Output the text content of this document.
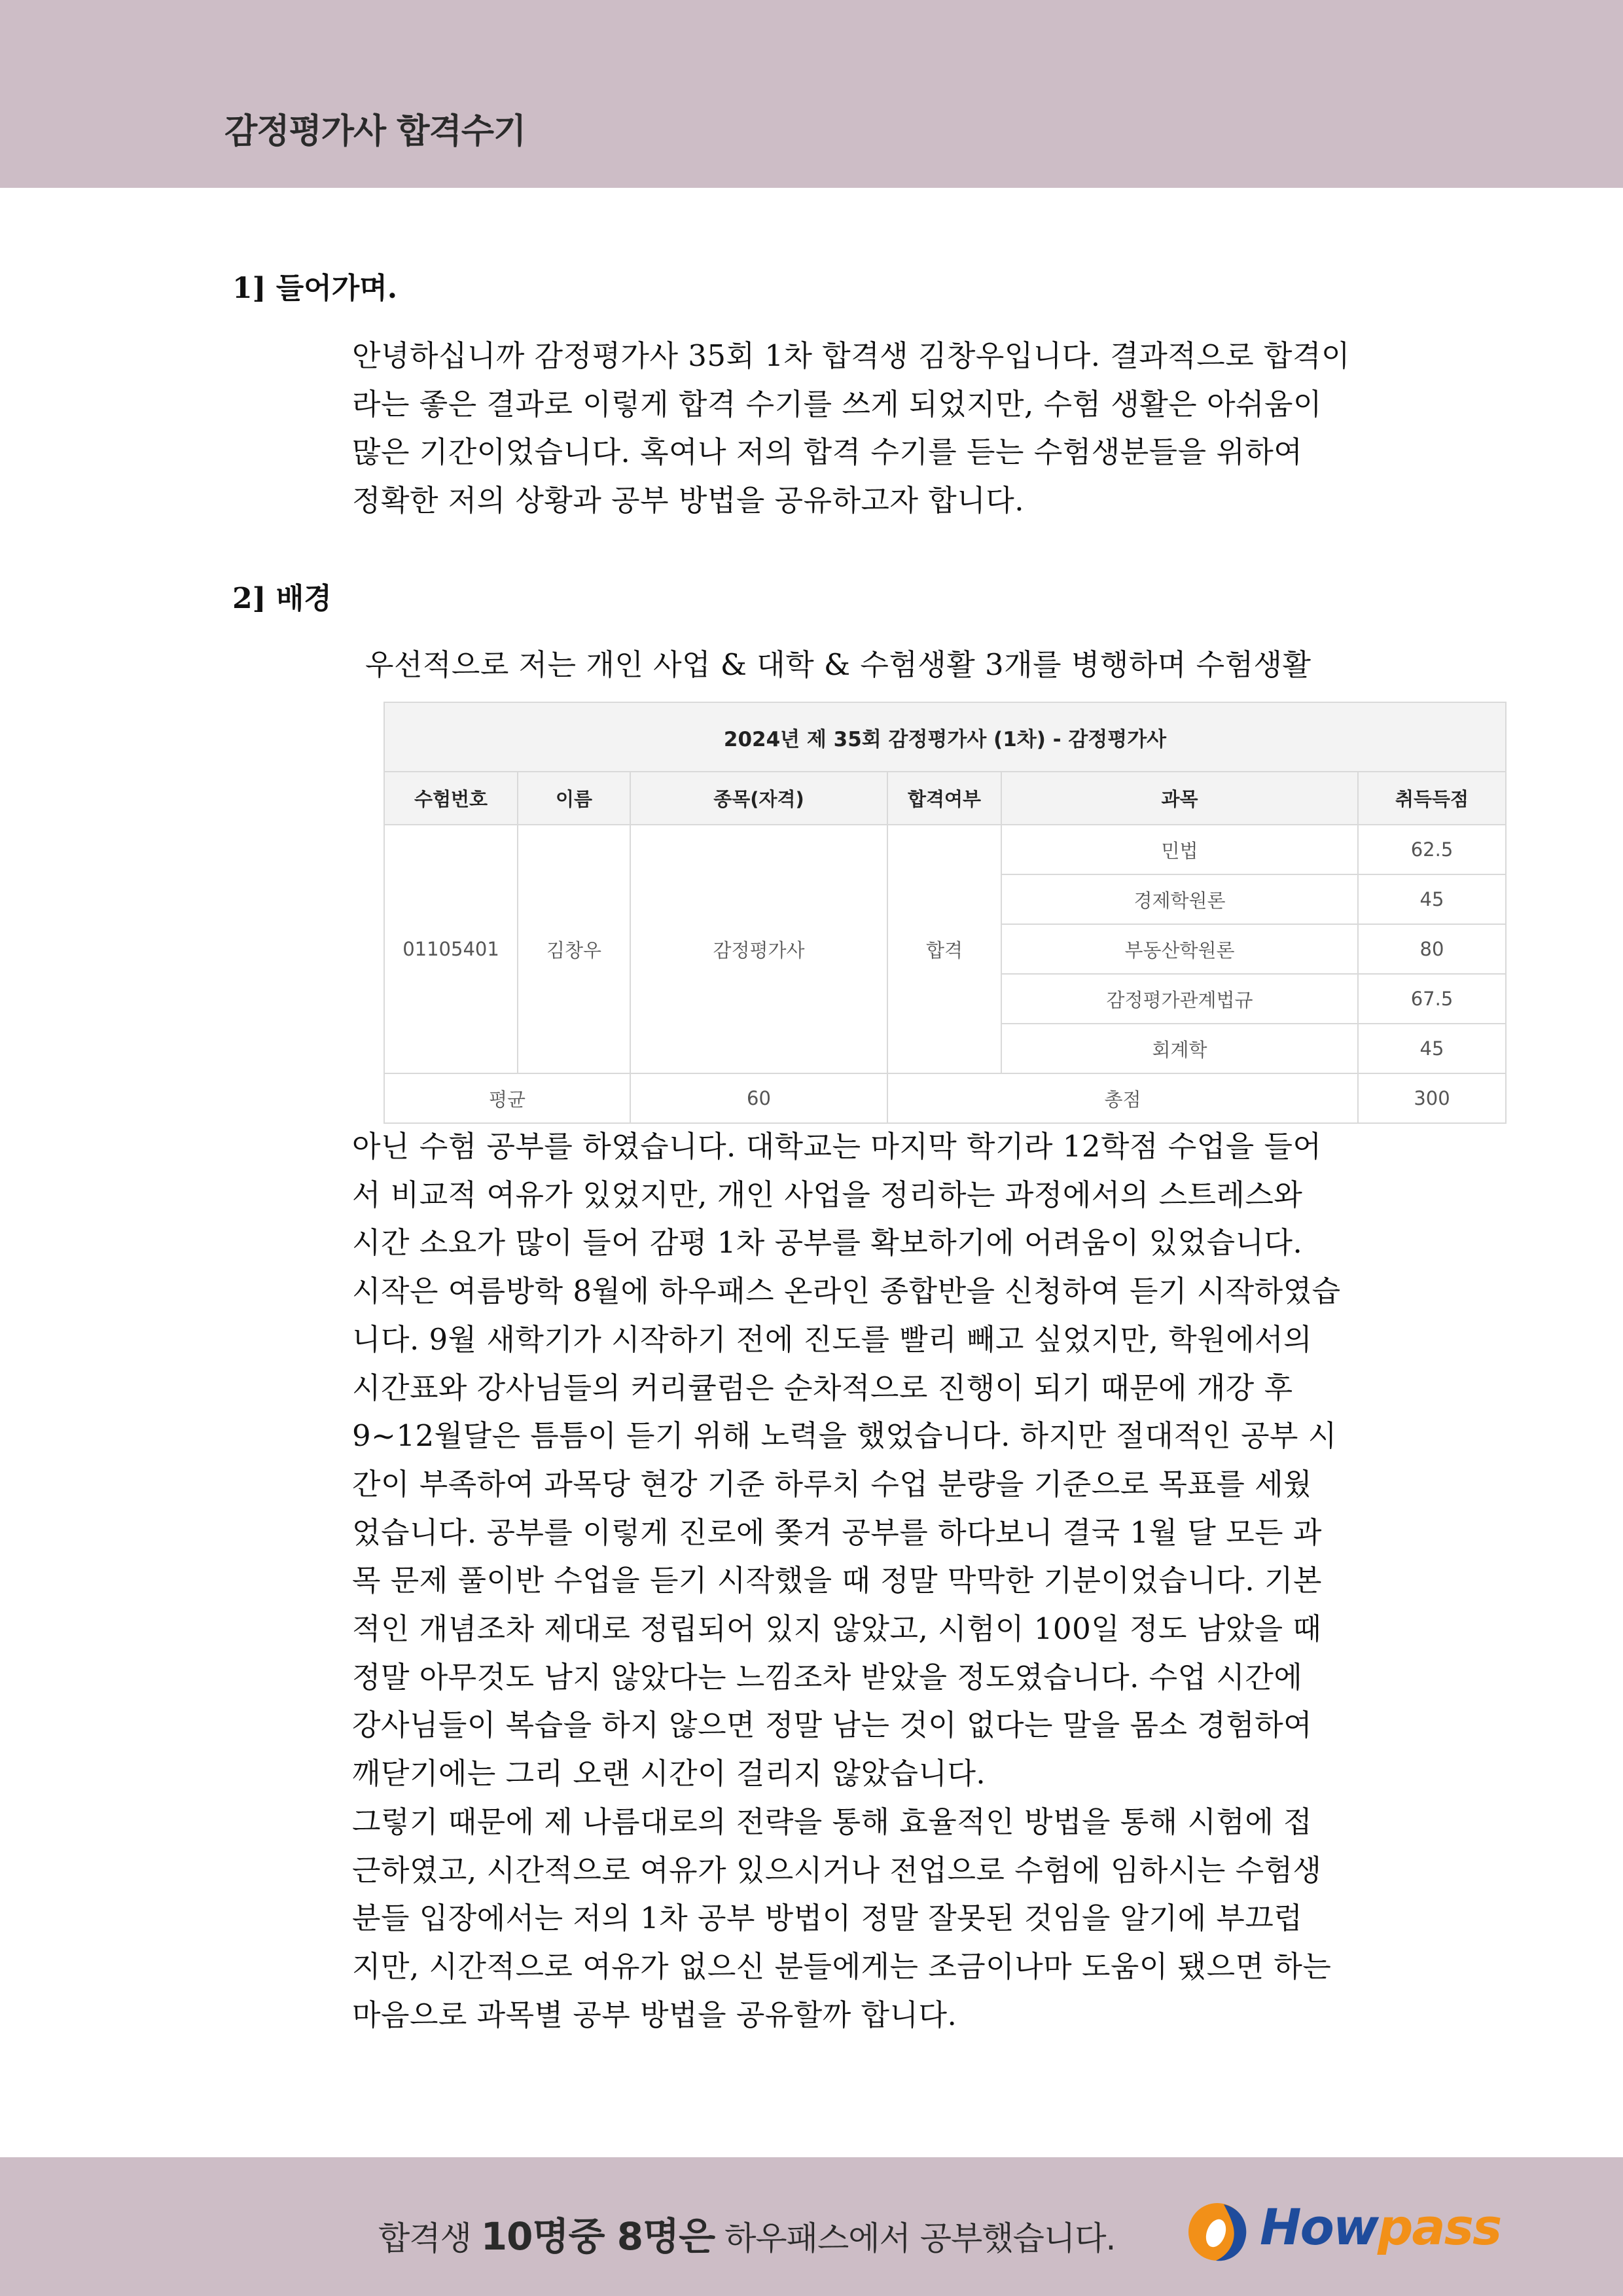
감정평가사 합격수기
1] 들어가며.

안녕하십니까 감정평가사 35회 1차 합격생 김창우입니다. 결과적으로 합격이

라는 좋은 결과로 이렇게 합격 수기를 쓰게 되었지만, 수험 생활은 아쉬움이

많은 기간이었습니다. 혹여나 저의 합격 수기를 듣는 수험생분들을 위하여

정확한 저의 상황과 공부 방법을 공유하고자 합니다.

2] 배경

우선적으로 저는 개인 사업 & 대학 & 수험생활 3개를 병행하며 수험생활

2024년 제 35회 감정평가사 (1차) - 감정평가사					
수험번호	이름	종목(자격)	합격여부	과목	취득득점
01105401	김창우	감정평가사	합격	민법	62.5
				경제학원론	45
				부동산학원론	80
				감정평가관계법규	67.5
				회계학	45
평균		60	총점		300

아닌 수험 공부를 하였습니다. 대학교는 마지막 학기라 12학점 수업을 들어

서 비교적 여유가 있었지만, 개인 사업을 정리하는 과정에서의 스트레스와

시간 소요가 많이 들어 감평 1차 공부를 확보하기에 어려움이 있었습니다.

시작은 여름방학 8월에 하우패스 온라인 종합반을 신청하여 듣기 시작하였습

니다. 9월 새학기가 시작하기 전에 진도를 빨리 빼고 싶었지만, 학원에서의

시간표와 강사님들의 커리큘럼은 순차적으로 진행이 되기 때문에 개강 후

9~12월달은 틈틈이 듣기 위해 노력을 했었습니다. 하지만 절대적인 공부 시

간이 부족하여 과목당 현강 기준 하루치 수업 분량을 기준으로 목표를 세웠

었습니다. 공부를 이렇게 진로에 쫒겨 공부를 하다보니 결국 1월 달 모든 과

목 문제 풀이반 수업을 듣기 시작했을 때 정말 막막한 기분이었습니다. 기본

적인 개념조차 제대로 정립되어 있지 않았고, 시험이 100일 정도 남았을 때

정말 아무것도 남지 않았다는 느낌조차 받았을 정도였습니다. 수업 시간에

강사님들이 복습을 하지 않으면 정말 남는 것이 없다는 말을 몸소 경험하여

깨닫기에는 그리 오랜 시간이 걸리지 않았습니다.

그렇기 때문에 제 나름대로의 전략을 통해 효율적인 방법을 통해 시험에 접

근하였고, 시간적으로 여유가 있으시거나 전업으로 수험에 임하시는 수험생

분들 입장에서는 저의 1차 공부 방법이 정말 잘못된 것임을 알기에 부끄럽

지만, 시간적으로 여유가 없으신 분들에게는 조금이나마 도움이 됐으면 하는

마음으로 과목별 공부 방법을 공유할까 합니다.

합격생 10명중 8명은 하우패스에서 공부했습니다.	Howpass
